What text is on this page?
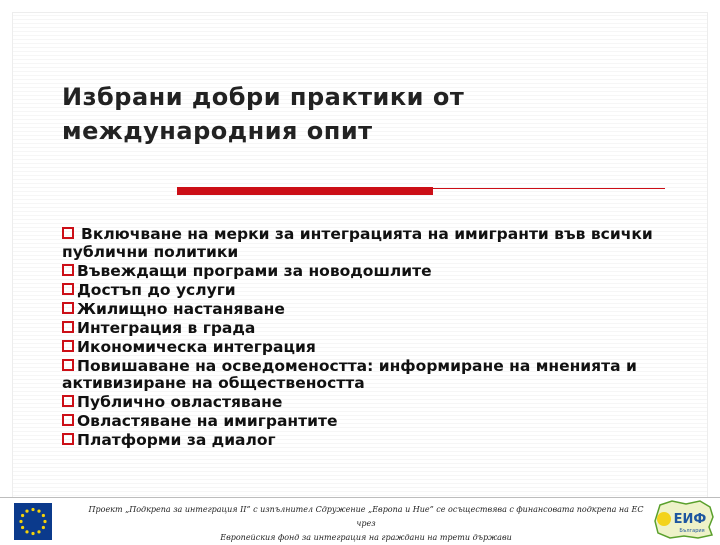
Избрани добри практики от
международния опит
Включване на мерки за интеграцията на имигранти във всички публични политики
Въвеждащи програми за новодошлите
Достъп до услуги
Жилищно настаняване
Интеграция в града
Икономическа интеграция
Повишаване на осведомеността: информиране на мненията и активизиране на обществеността
Публично овластяване
Овластяване на имигрантите
Платформи за диалог
Проект „Подкрепа за интеграция II” с изпълнител Сдружение „Европа и Ние” се осъществява с финансовата подкрепа на ЕС чрез
Европейския фонд за интеграция на граждани на трети държави
ЕИФ
България
